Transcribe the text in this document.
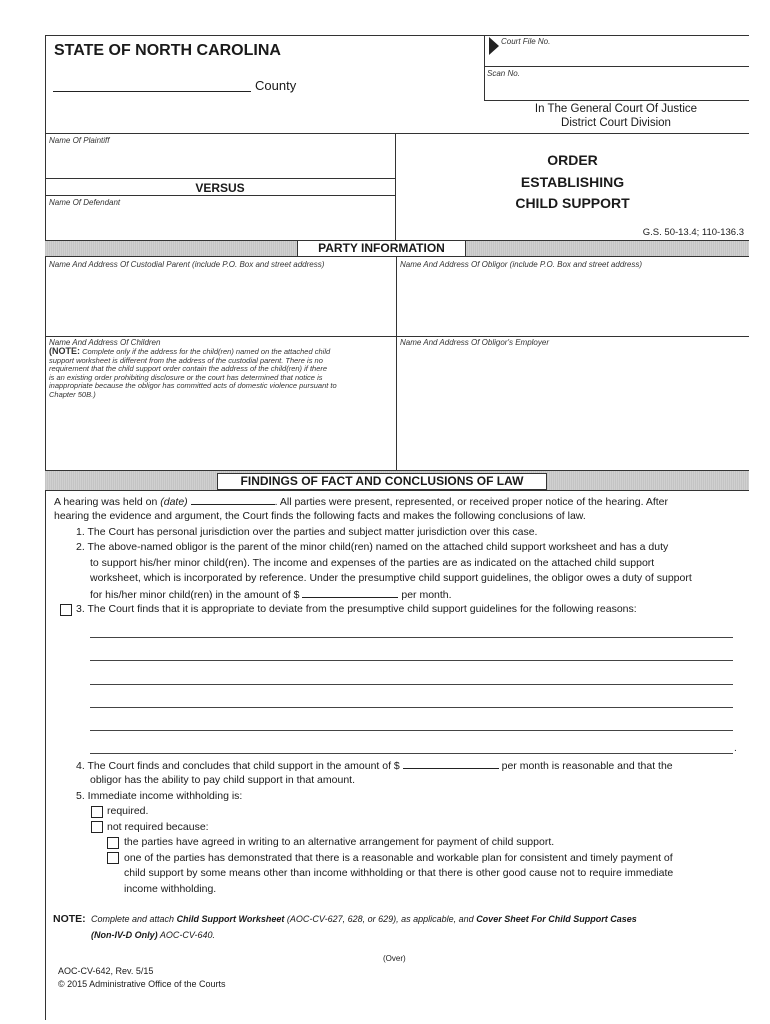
STATE OF NORTH CAROLINA
County
Court File No.
Scan No.
In The General Court Of Justice
District Court Division
Name Of Plaintiff
VERSUS
Name Of Defendant
ORDER
ESTABLISHING
CHILD SUPPORT
G.S. 50-13.4; 110-136.3
PARTY INFORMATION
Name And Address Of Custodial Parent (include P.O. Box and street address)	Name And Address Of Obligor (include P.O. Box and street address)
Name And Address Of Children
(NOTE: Complete only if the address for the child(ren) named on the attached child
support worksheet is different from the address of the custodial parent. There is no
requirement that the child support order contain the address of the child(ren) if there
is an existing order prohibiting disclosure or the court has determined that notice is
inappropriate because the obligor has committed acts of domestic violence pursuant to
Chapter 50B.)
Name And Address Of Obligor's Employer
FINDINGS OF FACT AND CONCLUSIONS OF LAW
A hearing was held on (date)	. All parties were present, represented, or received proper notice of the hearing. After
hearing the evidence and argument, the Court finds the following facts and makes the following conclusions of law.
1. The Court has personal jurisdiction over the parties and subject matter jurisdiction over this case.
2. The above-named obligor is the parent of the minor child(ren) named on the attached child support worksheet and has a duty
to support his/her minor child(ren). The income and expenses of the parties are as indicated on the attached child support
worksheet, which is incorporated by reference. Under the presumptive child support guidelines, the obligor owes a duty of support
for his/her minor child(ren) in the amount of $	per month.
3. The Court finds that it is appropriate to deviate from the presumptive child support guidelines for the following reasons:
.
4. The Court finds and concludes that child support in the amount of $	per month is reasonable and that the
obligor has the ability to pay child support in that amount.
5. Immediate income withholding is:
required.
not required because:
the parties have agreed in writing to an alternative arrangement for payment of child support.
one of the parties has demonstrated that there is a reasonable and workable plan for consistent and timely payment of
child support by some means other than income withholding or that there is other good cause not to require immediate
income withholding.
NOTE: Complete and attach Child Support Worksheet (AOC-CV-627, 628, or 629), as applicable, and Cover Sheet For Child Support Cases
(Non-IV-D Only) AOC-CV-640.
(Over)
AOC-CV-642, Rev. 5/15
© 2015 Administrative Office of the Courts
